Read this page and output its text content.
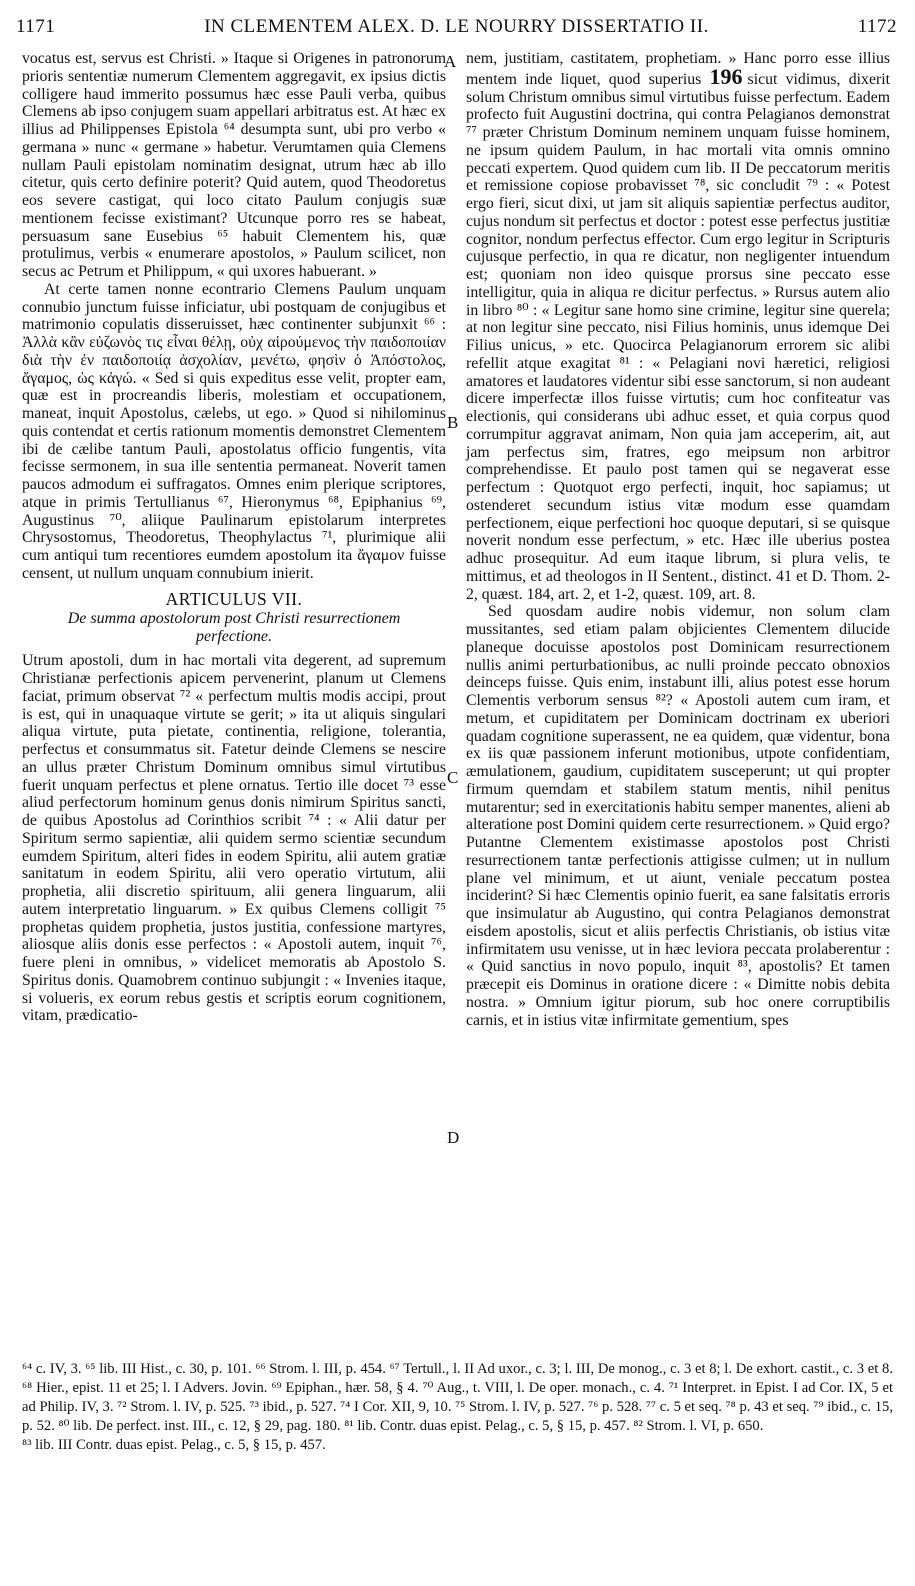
1171	IN CLEMENTEM ALEX. D. LE NOURRY DISSERTATIO II.	1172
A
B
C
D

vocatus est, servus est Christi. » Itaque si Origenes in patronorum prioris sententiæ numerum Clementem aggregavit, ex ipsius dictis colligere haud immerito possumus hæc esse Pauli verba, quibus Clemens ab ipso conjugem suam appellari arbitratus est. At hæc ex illius ad Philippenses Epistola ⁶⁴ desumpta sunt, ubi pro verbo « germana » nunc « germane » habetur. Verumtamen quia Clemens nullam Pauli epistolam nominatim designat, utrum hæc ab illo citetur, quis certo definire poterit? Quid autem, quod Theodoretus eos severe castigat, qui loco citato Paulum conjugis suæ mentionem fecisse existimant? Utcunque porro res se habeat, persuasum sane Eusebius ⁶⁵ habuit Clementem his, quæ protulimus, verbis « enumerare apostolos, » Paulum scilicet, non secus ac Petrum et Philippum, « qui uxores habuerant. »

At certe tamen nonne econtrario Clemens Paulum unquam connubio junctum fuisse inficiatur, ubi postquam de conjugibus et matrimonio copulatis disseruisset, hæc continenter subjunxit ⁶⁶ : Ἀλλὰ κἂν εὐζωνὸς τις εἶναι θέλῃ, οὐχ αἱρούμενος τὴν παιδοποιίαν διὰ τὴν ἐν παιδοποιίᾳ ἀσχολίαν, μενέτω, φησὶν ὁ Ἀπόστολος, ἄγαμος, ὡς κἀγώ. « Sed si quis expeditus esse velit, propter eam, quæ est in procreandis liberis, molestiam et occupationem, maneat, inquit Apostolus, cælebs, ut ego. » Quod si nihilominus quis contendat et certis rationum momentis demonstret Clementem ibi de cælibe tantum Pauli, apostolatus officio fungentis, vita fecisse sermonem, in sua ille sententia permaneat. Noverit tamen paucos admodum ei suffragatos. Omnes enim plerique scriptores, atque in primis Tertullianus ⁶⁷, Hieronymus ⁶⁸, Epiphanius ⁶⁹, Augustinus ⁷⁰, aliique Paulinarum epistolarum interpretes Chrysostomus, Theodoretus, Theophylactus ⁷¹, plurimique alii cum antiqui tum recentiores eumdem apostolum ita ἄγαμον fuisse censent, ut nullum unquam connubium inierit.

ARTICULUS VII.
De summa apostolorum post Christi resurrectionem perfectione.

Utrum apostoli, dum in hac mortali vita degerent, ad supremum Christianæ perfectionis apicem pervenerint, planum ut Clemens faciat, primum observat ⁷² « perfectum multis modis accipi, prout is est, qui in unaquaque virtute se gerit; » ita ut aliquis singulari aliqua virtute, puta pietate, continentia, religione, tolerantia, perfectus et consummatus sit. Fatetur deinde Clemens se nescire an ullus præter Christum Dominum omnibus simul virtutibus fuerit unquam perfectus et plene ornatus. Tertio ille docet ⁷³ esse aliud perfectorum hominum genus donis nimirum Spiritus sancti, de quibus Apostolus ad Corinthios scribit ⁷⁴ : « Alii datur per Spiritum sermo sapientiæ, alii quidem sermo scientiæ secundum eumdem Spiritum, alteri fides in eodem Spiritu, alii autem gratiæ sanitatum in eodem Spiritu, alii vero operatio virtutum, alii prophetia, alii discretio spirituum, alii genera linguarum, alii autem interpretatio linguarum. » Ex quibus Clemens colligit ⁷⁵ prophetas quidem prophetia, justos justitia, confessione martyres, aliosque aliis donis esse perfectos : « Apostoli autem, inquit ⁷⁶, fuere pleni in omnibus, » videlicet memoratis ab Apostolo S. Spiritus donis. Quamobrem continuo subjungit : « Invenies itaque, si volueris, ex eorum rebus gestis et scriptis eorum cognitionem, vitam, prædicatio-

nem, justitiam, castitatem, prophetiam. » Hanc porro esse illius mentem inde liquet, quod superius 196 sicut vidimus, dixerit solum Christum omnibus simul virtutibus fuisse perfectum. Eadem profecto fuit Augustini doctrina, qui contra Pelagianos demonstrat ⁷⁷ præter Christum Dominum neminem unquam fuisse hominem, ne ipsum quidem Paulum, in hac mortali vita omnis omnino peccati expertem. Quod quidem cum lib. II De peccatorum meritis et remissione copiose probavisset ⁷⁸, sic concludit ⁷⁹ : « Potest ergo fieri, sicut dixi, ut jam sit aliquis sapientiæ perfectus auditor, cujus nondum sit perfectus et doctor : potest esse perfectus justitiæ cognitor, nondum perfectus effector. Cum ergo legitur in Scripturis cujusque perfectio, in qua re dicatur, non negligenter intuendum est; quoniam non ideo quisque prorsus sine peccato esse intelligitur, quia in aliqua re dicitur perfectus. » Rursus autem alio in libro ⁸⁰ : « Legitur sane homo sine crimine, legitur sine querela; at non legitur sine peccato, nisi Filius hominis, unus idemque Dei Filius unicus, » etc. Quocirca Pelagianorum errorem sic alibi refellit atque exagitat ⁸¹ : « Pelagiani novi hæretici, religiosi amatores et laudatores videntur sibi esse sanctorum, si non audeant dicere imperfectæ illos fuisse virtutis; cum hoc confiteatur vas electionis, qui considerans ubi adhuc esset, et quia corpus quod corrumpitur aggravat animam, Non quia jam acceperim, ait, aut jam perfectus sim, fratres, ego meipsum non arbitror comprehendisse. Et paulo post tamen qui se negaverat esse perfectum : Quotquot ergo perfecti, inquit, hoc sapiamus; ut ostenderet secundum istius vitæ modum esse quamdam perfectionem, eique perfectioni hoc quoque deputari, si se quisque noverit nondum esse perfectum, » etc. Hæc ille uberius postea adhuc prosequitur. Ad eum itaque librum, si plura velis, te mittimus, et ad theologos in II Sentent., distinct. 41 et D. Thom. 2-2, quæst. 184, art. 2, et 1-2, quæst. 109, art. 8.

Sed quosdam audire nobis videmur, non solum clam mussitantes, sed etiam palam objicientes Clementem dilucide planeque docuisse apostolos post Dominicam resurrectionem nullis animi perturbationibus, ac nulli proinde peccato obnoxios deinceps fuisse. Quis enim, instabunt illi, alius potest esse horum Clementis verborum sensus ⁸²? « Apostoli autem cum iram, et metum, et cupiditatem per Dominicam doctrinam ex uberiori quadam cognitione superassent, ne ea quidem, quæ videntur, bona ex iis quæ passionem inferunt motionibus, utpote confidentiam, æmulationem, gaudium, cupiditatem susceperunt; ut qui propter firmum quemdam et stabilem statum mentis, nihil penitus mutarentur; sed in exercitationis habitu semper manentes, alieni ab alteratione post Domini quidem certe resurrectionem. » Quid ergo? Putantne Clementem existimasse apostolos post Christi resurrectionem tantæ perfectionis attigisse culmen; ut in nullum plane vel minimum, et ut aiunt, veniale peccatum postea inciderint? Si hæc Clementis opinio fuerit, ea sane falsitatis erroris que insimulatur ab Augustino, qui contra Pelagianos demonstrat eisdem apostolis, sicut et aliis perfectis Christianis, ob istius vitæ infirmitatem usu venisse, ut in hæc leviora peccata prolaberentur : « Quid sanctius in novo populo, inquit ⁸³, apostolis? Et tamen præcepit eis Dominus in oratione dicere : « Dimitte nobis debita nostra. » Omnium igitur piorum, sub hoc onere corruptibilis carnis, et in istius vitæ infirmitate gementium, spes

⁶⁴ c. IV, 3. ⁶⁵ lib. III Hist., c. 30, p. 101. ⁶⁶ Strom. l. III, p. 454. ⁶⁷ Tertull., l. II Ad uxor., c. 3; l. III, De monog., c. 3 et 8; l. De exhort. castit., c. 3 et 8. ⁶⁸ Hier., epist. 11 et 25; l. I Advers. Jovin. ⁶⁹ Epiphan., hær. 58, § 4. ⁷⁰ Aug., t. VIII, l. De oper. monach., c. 4. ⁷¹ Interpret. in Epist. I ad Cor. IX, 5 et ad Philip. IV, 3. ⁷² Strom. l. IV, p. 525. ⁷³ ibid., p. 527. ⁷⁴ I Cor. XII, 9, 10. ⁷⁵ Strom. l. IV, p. 527. ⁷⁶ p. 528. ⁷⁷ c. 5 et seq. ⁷⁸ p. 43 et seq. ⁷⁹ ibid., c. 15, p. 52. ⁸⁰ lib. De perfect. inst. III., c. 12, § 29, pag. 180. ⁸¹ lib. Contr. duas epist. Pelag., c. 5, § 15, p. 457. ⁸² Strom. l. VI, p. 650.

⁸³ lib. III Contr. duas epist. Pelag., c. 5, § 15, p. 457.
